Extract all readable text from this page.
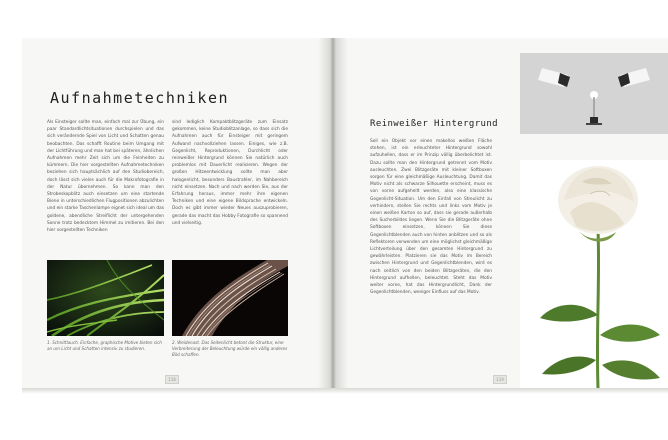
Aufnahmetechniken

Als Einsteiger sollte man, einfach mal zur Übung, ein paar Standardlichtsituationen durchspielen und das sich verändernde Spiel von Licht und Schatten genau beobachten. Das schafft Routine beim Umgang mit der Lichtführung und man hat bei späteren, ähnlichen Aufnahmen mehr Zeit sich um die Feinheiten zu kümmern. Die hier vorgestellten Aufnahmetechniken beziehen sich hauptsächlich auf den Studiobereich, doch lässt sich vieles auch für die Makrofotografie in der Natur übernehmen. So kann man den Strobeskopblitz auch einsetzen um eine startende Biene in unterschiedlichen Flugpositionen abzulichten und ein starke Taschenlampe eignet sich ideal um das goldene, abendliche Streiflicht der untergehenden Sonne trotz bedecktem Himmel zu imitieren. Bei den hier vorgestellten Techniken

sind lediglich Kompaktblitzgeräte zum Einsatz gekommen, keine Studioblitzanlage, so dass sich die Aufnahmen auch für Einsteiger mit geringem Aufwand nachvollziehen lassen. Einiges, wie z.B. Gegenlicht, Reproduktionen, Durchlicht oder reinweißer Hintergrund können Sie natürlich auch problemlos mit Dauerlicht realisieren. Wegen der großen Hitzeentwicklung sollte man aber halogenlicht, besonders Baustrahler, im Nahbereich nicht einsetzen. Nach und nach werden Sie, aus der Erfahrung heraus, immer mehr ihre eigenen Techniken und eine eigene Bildsprache entwickeln. Doch es gibt immer wieder Neues auszuprobieren, gerade das macht das Hobby Fotografie so spannend und vielseitig.

1. Schnittlauch. Einfache, graphische Motive bieten sich an um Licht und Schatten intensiv zu studieren.
2. Weidenast. Das Seitenlicht betont die Struktur, eine Verbreiterung der Beleuchtung würde ein völlig anderes Bild schaffen.
118
Reinweißer Hintergrund

Soll ein Objekt vor einen makellos weißen Fläche stehen, ist ein erleuchteter Hintergrund sowohl aufzuhellen, dass er im Prinzip völlig überbelichtet ist. Dazu sollte man den Hintergrund getrennt vom Motiv ausleuchten. Zwei Blitzgeräte mit kleiner Softboxen sorgen für eine gleichmäßige Ausleuchtung. Damit das Motiv nicht als schwarze Silhouette erscheint, muss es von vorne aufgehellt werden, also eine klassische Gegenlicht-Situation. Um den Einfall von Streulicht zu verhindern, stellen Sie rechts und links vom Motiv je einen weißen Karton so auf, dass sie gerade außerhalb des Sucherbildes liegen. Wenn Sie die Blitzgeräte ohne Softboxen einsetzen, können Sie diese Gegenlichtblenden auch von hinten anblitzen und so als Reflektoren verwenden um eine möglichst gleichmäßige Lichtverteilung über den gesamten Hintergrund zu gewährleisten. Platzieren sie das Motiv im Bereich zwischen Hintergrund und Gegenlichtblenden, wird es nach seitlich von den beiden Blitzgeräten, die den Hintergrund aufhellen, beleuchtet. Steht das Motiv weiter vorne, hat das Hintergrundlicht, Dank der Gegenlichtblenden, weniger Einfluss auf das Motiv.

119
